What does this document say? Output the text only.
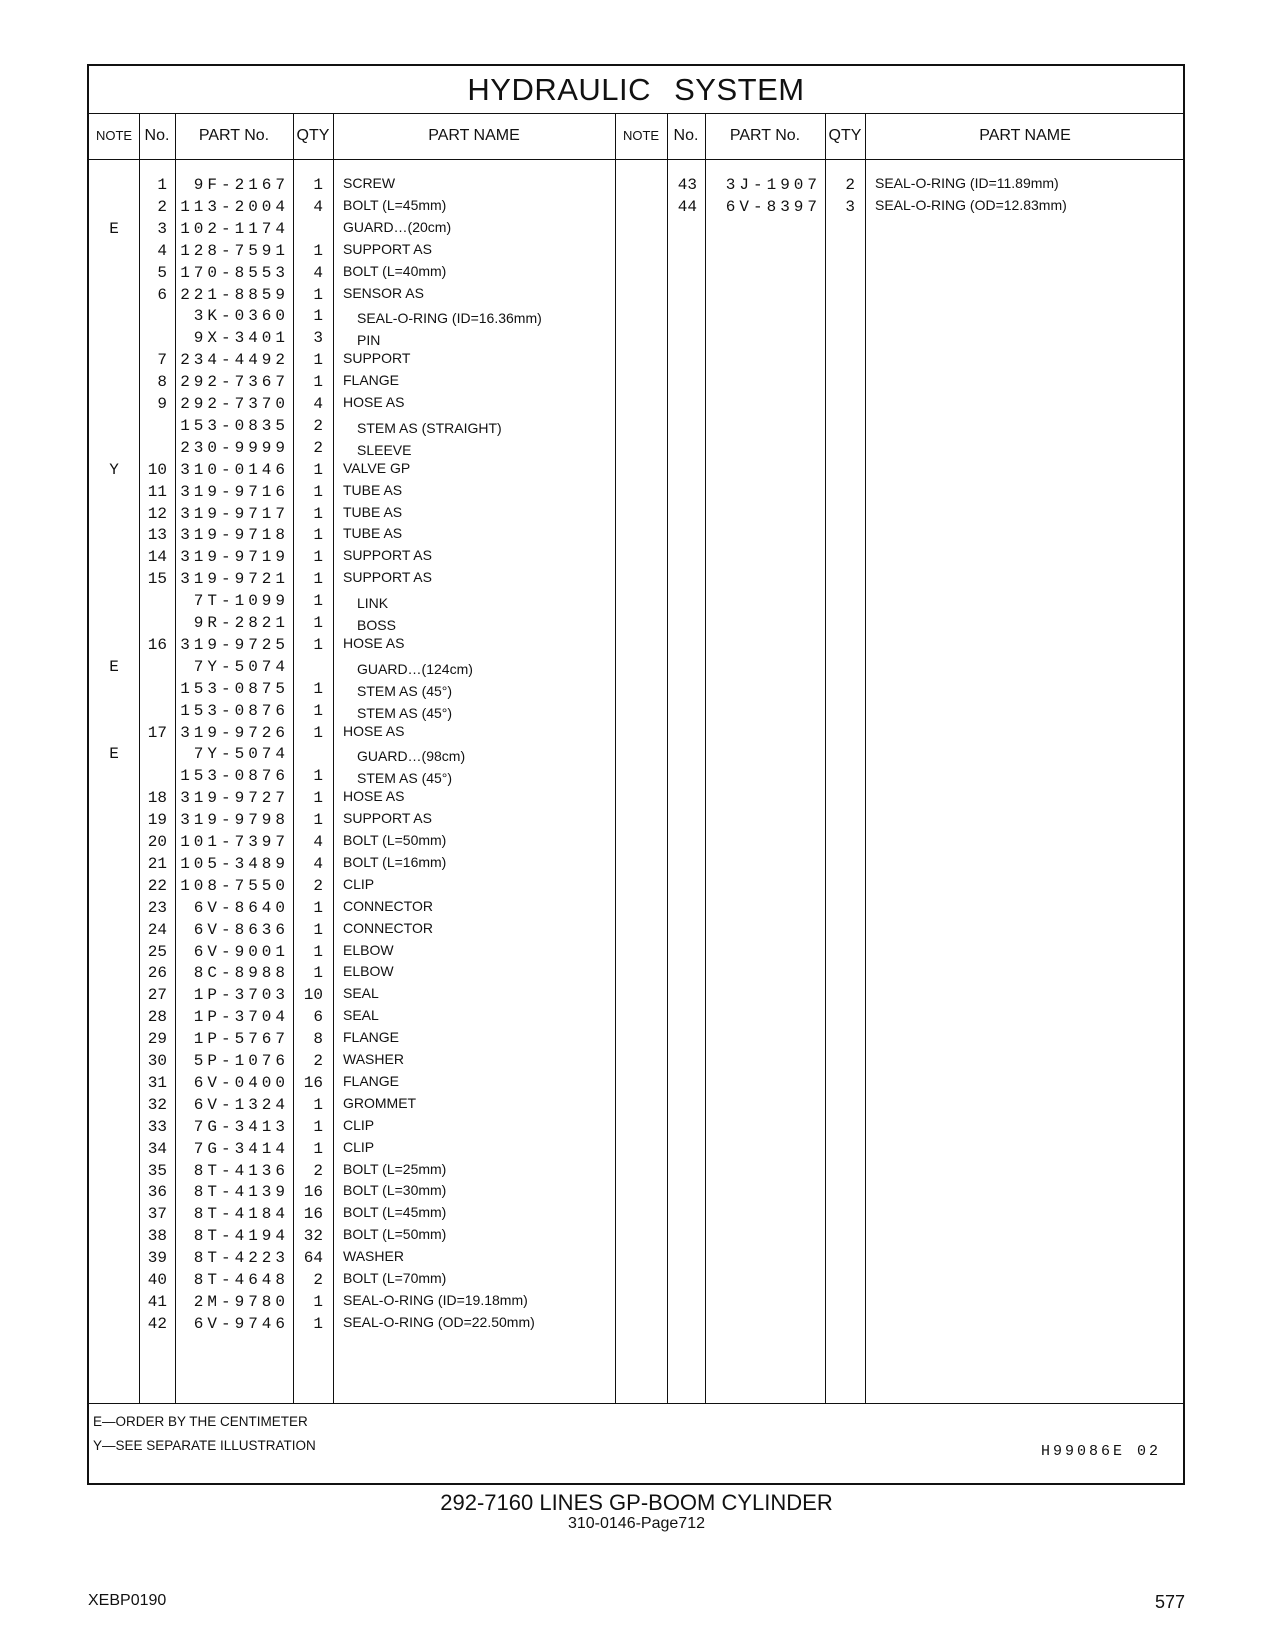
HYDRAULIC SYSTEM
NOTE No.	PART No.	QTY	PART NAME	NOTE No.	PART No.	QTY	PART NAME
1	9F-2167	1 SCREW
2 113-2004	4 BOLT (L=45mm)
E	3 102-1174	GUARD…(20cm)
4 128-7591	1 SUPPORT AS
5 170-8553	4 BOLT (L=40mm)
6 221-8859	1 SENSOR AS
3K-0360	1	SEAL-O-RING (ID=16.36mm)
9X-3401	3	PIN
7 234-4492	1 SUPPORT
8 292-7367	1 FLANGE
9 292-7370	4 HOSE AS
153-0835	2	STEM AS (STRAIGHT)
230-9999	2	SLEEVE
Y	10 310-0146	1 VALVE GP
11 319-9716	1 TUBE AS
12 319-9717	1 TUBE AS
13 319-9718	1 TUBE AS
14 319-9719	1 SUPPORT AS
15 319-9721	1 SUPPORT AS
7T-1099	1	LINK
9R-2821	1	BOSS
16 319-9725	1 HOSE AS
E	7Y-5074	GUARD…(124cm)
153-0875	1	STEM AS (45°)
153-0876	1	STEM AS (45°)
17 319-9726	1 HOSE AS
E	7Y-5074	GUARD…(98cm)
153-0876	1	STEM AS (45°)
18 319-9727	1 HOSE AS
19 319-9798	1 SUPPORT AS
20 101-7397	4 BOLT (L=50mm)
21 105-3489	4 BOLT (L=16mm)
22 108-7550	2 CLIP
23	6V-8640	1 CONNECTOR
24	6V-8636	1 CONNECTOR
25	6V-9001	1 ELBOW
26	8C-8988	1 ELBOW
27	1P-3703 10 SEAL
28	1P-3704	6 SEAL
29	1P-5767	8 FLANGE
30	5P-1076	2 WASHER
31	6V-0400 16 FLANGE
32	6V-1324	1 GROMMET
33	7G-3413	1 CLIP
34	7G-3414	1 CLIP
35	8T-4136	2 BOLT (L=25mm)
36	8T-4139 16 BOLT (L=30mm)
37	8T-4184 16 BOLT (L=45mm)
38	8T-4194 32 BOLT (L=50mm)
39	8T-4223 64 WASHER
40	8T-4648	2 BOLT (L=70mm)
41	2M-9780	1 SEAL-O-RING (ID=19.18mm)
42	6V-9746	1 SEAL-O-RING (OD=22.50mm)
43	3J-1907	2 SEAL-O-RING (ID=11.89mm)
44	6V-8397	3 SEAL-O-RING (OD=12.83mm)
E—ORDER BY THE CENTIMETER
Y—SEE SEPARATE ILLUSTRATION	H99086E 02
292-7160 LINES GP-BOOM CYLINDER
310-0146-Page712
XEBP0190	577
